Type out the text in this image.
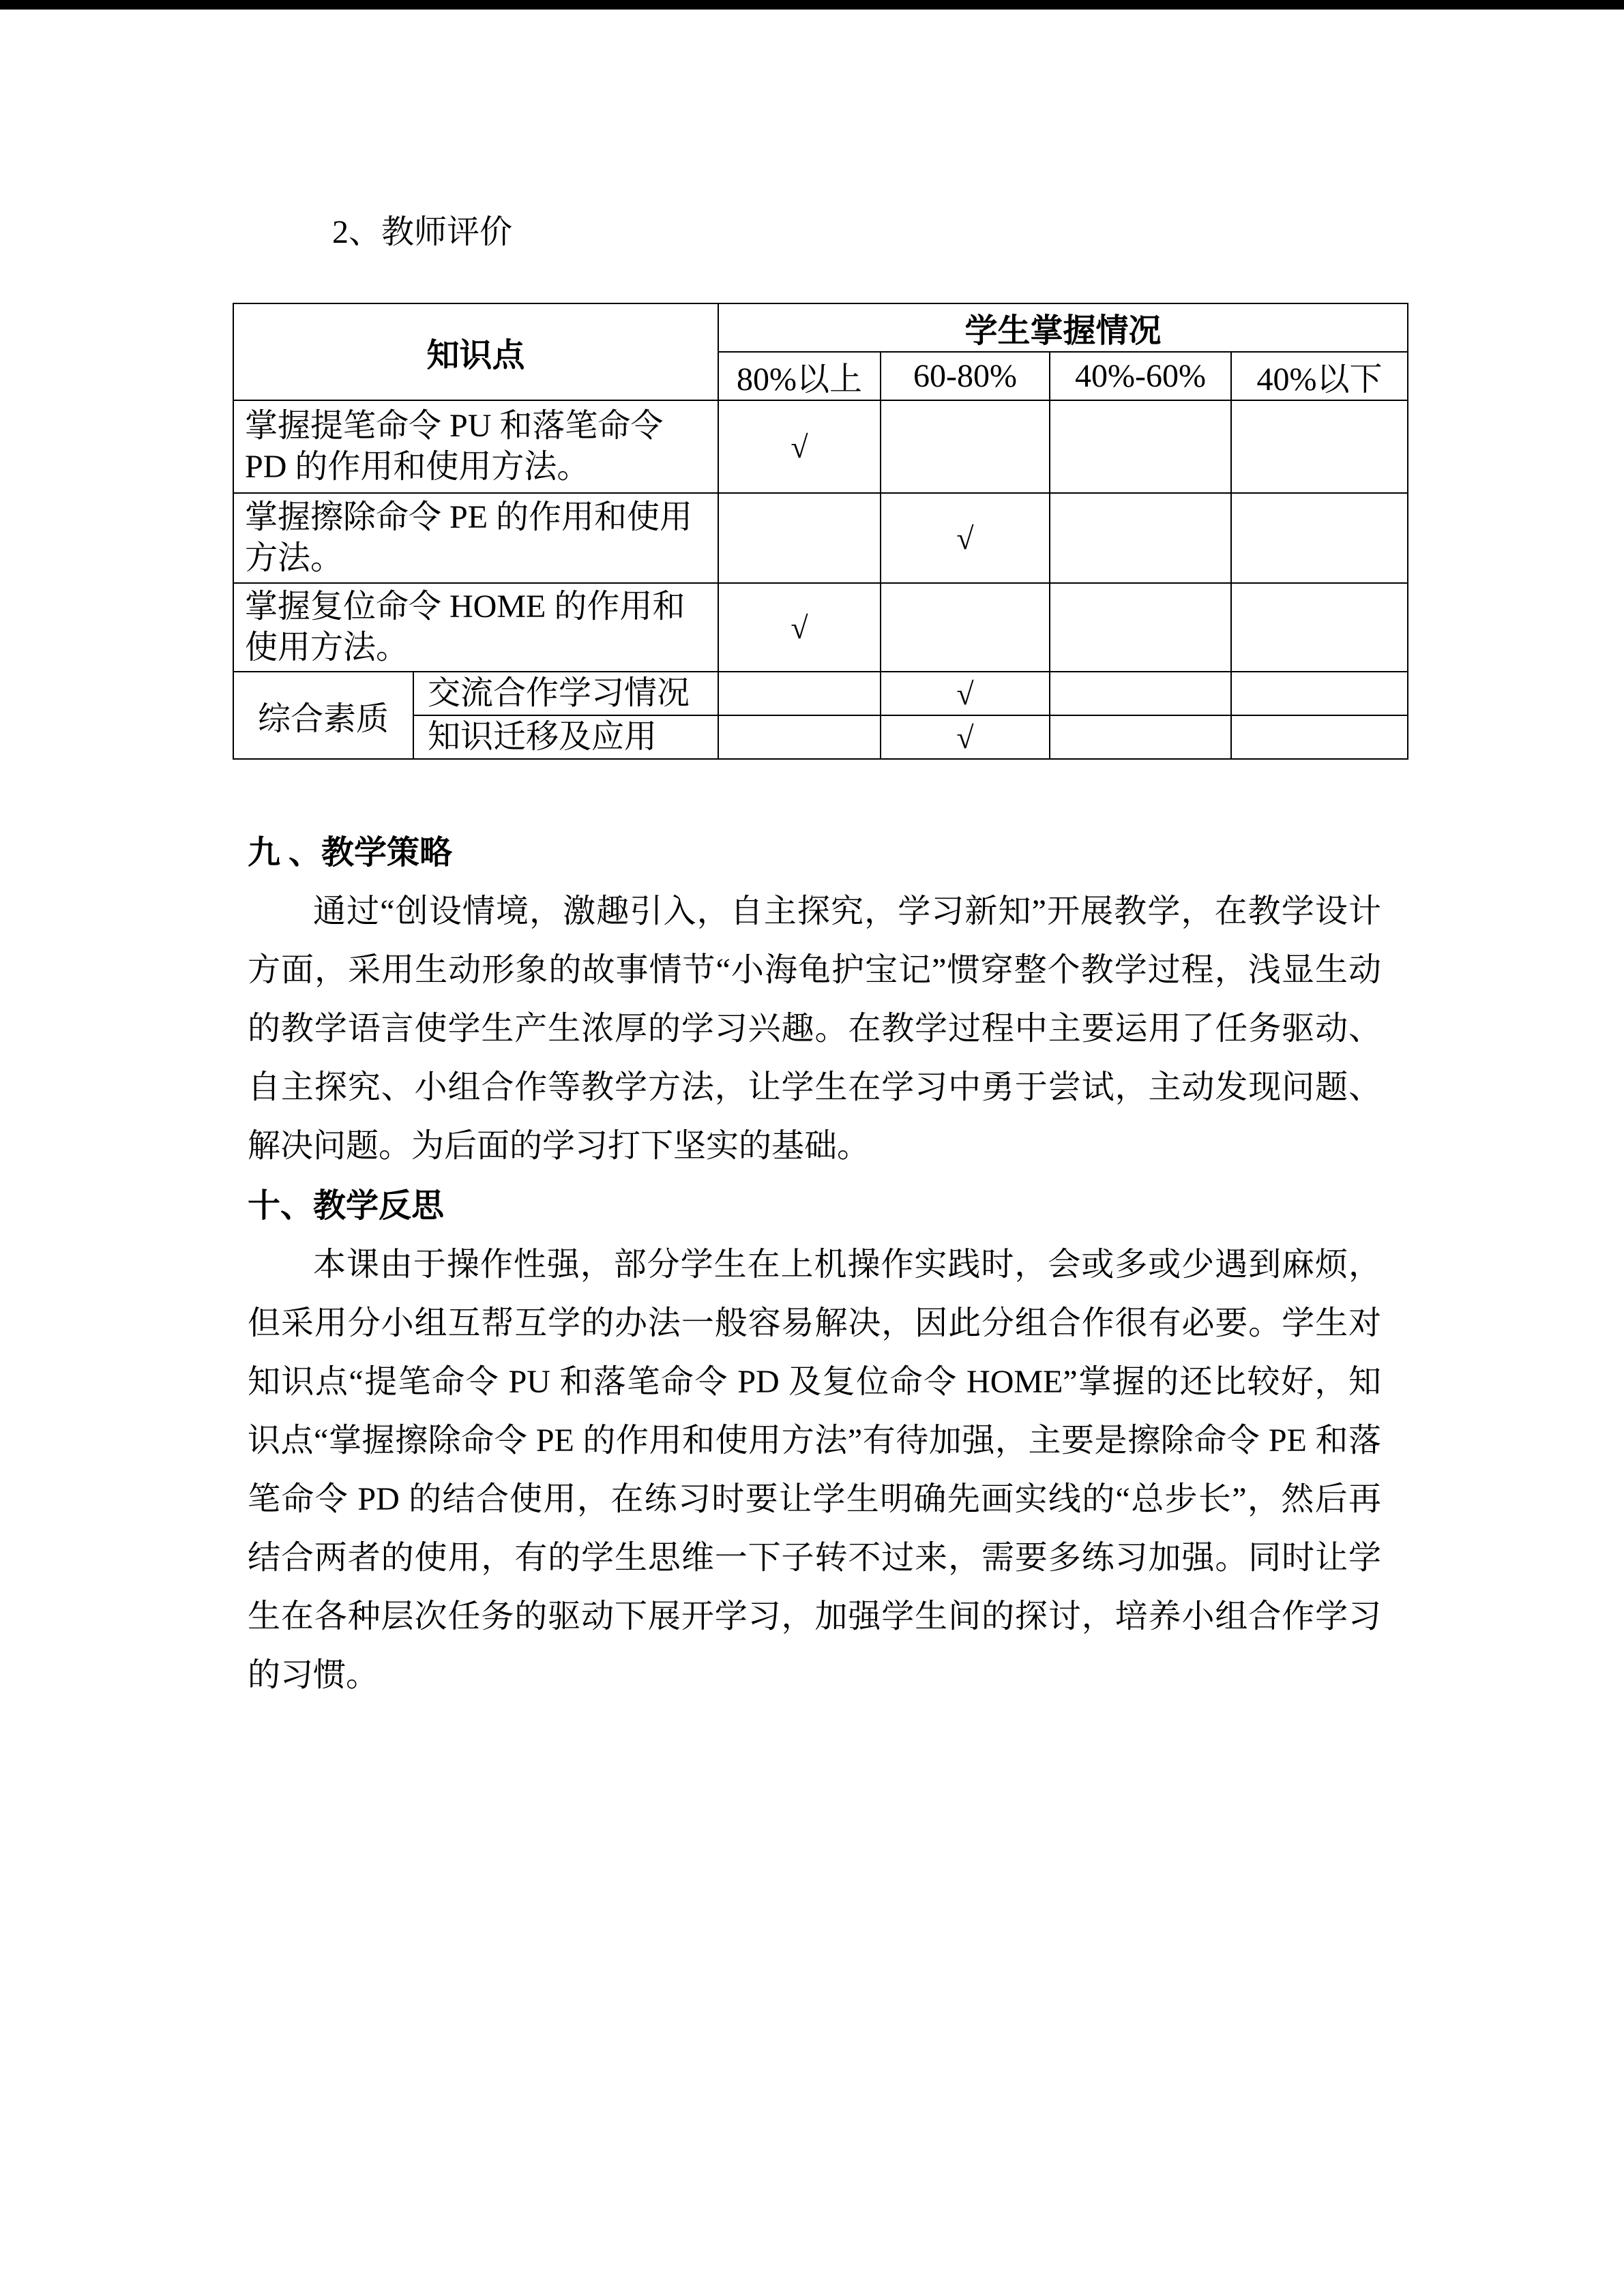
2、教师评价
知识点		学生掌握情况			
		80%以上	60-80%	40%-60%	40%以下
掌握提笔命令 PU 和落笔命令 PD 的作用和使用方法。		√			
掌握擦除命令 PE 的作用和使用方法。			√		
掌握复位命令 HOME 的作用和使用方法。		√			
综合素质	交流合作学习情况		√		
	知识迁移及应用		√		
九 、教学策略

通过“创设情境，激趣引入，自主探究，学习新知”开展教学，在教学设计方面，采用生动形象的故事情节“小海龟护宝记”惯穿整个教学过程，浅显生动的教学语言使学生产生浓厚的学习兴趣。在教学过程中主要运用了任务驱动、自主探究、小组合作等教学方法，让学生在学习中勇于尝试，主动发现问题、解决问题。为后面的学习打下坚实的基础。

十、教学反思

本课由于操作性强，部分学生在上机操作实践时，会或多或少遇到麻烦，但采用分小组互帮互学的办法一般容易解决，因此分组合作很有必要。学生对知识点“提笔命令 PU 和落笔命令 PD 及复位命令 HOME”掌握的还比较好，知识点“掌握擦除命令 PE 的作用和使用方法”有待加强，主要是擦除命令 PE 和落笔命令 PD 的结合使用，在练习时要让学生明确先画实线的“总步长”，然后再结合两者的使用，有的学生思维一下子转不过来，需要多练习加强。同时让学生在各种层次任务的驱动下展开学习，加强学生间的探讨，培养小组合作学习的习惯。
